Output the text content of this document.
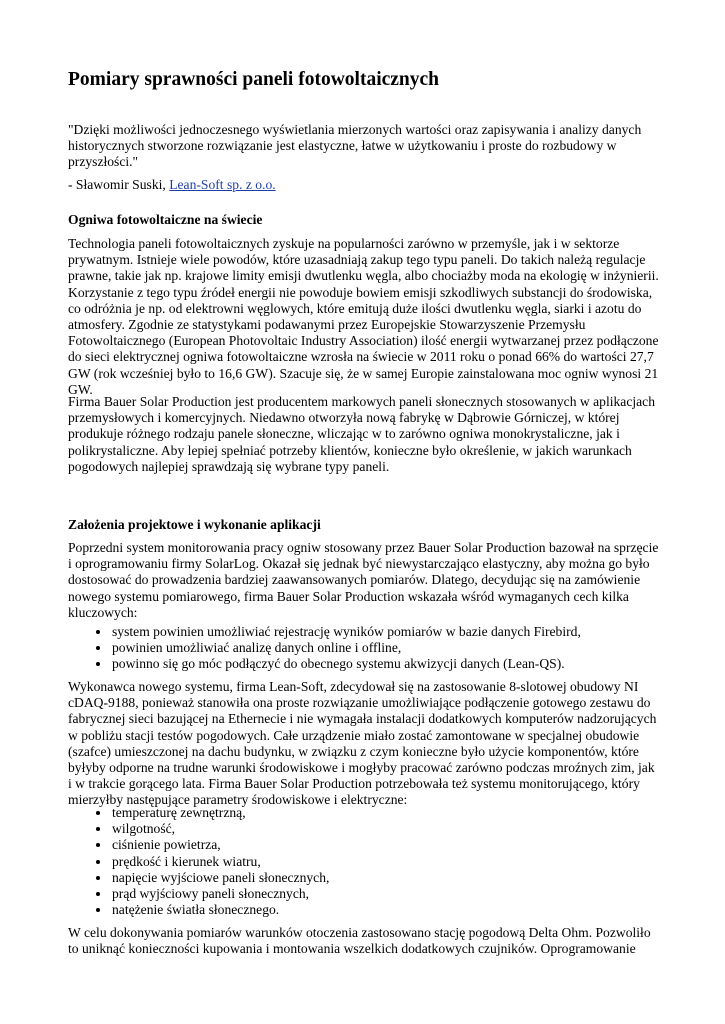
Pomiary sprawności paneli fotowoltaicznych

"Dzięki możliwości jednoczesnego wyświetlania mierzonych wartości oraz zapisywania i analizy danych historycznych stworzone rozwiązanie jest elastyczne, łatwe w użytkowaniu i proste do rozbudowy w przyszłości."

- Sławomir Suski, Lean-Soft sp. z o.o.

Ogniwa fotowoltaiczne na świecie

Technologia paneli fotowoltaicznych zyskuje na popularności zarówno w przemyśle, jak i w sektorze prywatnym. Istnieje wiele powodów, które uzasadniają zakup tego typu paneli. Do takich należą regulacje prawne, takie jak np. krajowe limity emisji dwutlenku węgla, albo chociażby moda na ekologię w inżynierii. Korzystanie z tego typu źródeł energii nie powoduje bowiem emisji szkodliwych substancji do środowiska, co odróżnia je np. od elektrowni węglowych, które emitują duże ilości dwutlenku węgla, siarki i azotu do atmosfery. Zgodnie ze statystykami podawanymi przez Europejskie Stowarzyszenie Przemysłu Fotowoltaicznego (European Photovoltaic Industry Association) ilość energii wytwarzanej przez podłączone do sieci elektrycznej ogniwa fotowoltaiczne wzrosła na świecie w 2011 roku o ponad 66% do wartości 27,7 GW (rok wcześniej było to 16,6 GW). Szacuje się, że w samej Europie zainstalowana moc ogniw wynosi 21 GW.

Firma Bauer Solar Production jest producentem markowych paneli słonecznych stosowanych w aplikacjach przemysłowych i komercyjnych. Niedawno otworzyła nową fabrykę w Dąbrowie Górniczej, w której produkuje różnego rodzaju panele słoneczne, wliczając w to zarówno ogniwa monokrystaliczne, jak i polikrystaliczne. Aby lepiej spełniać potrzeby klientów, konieczne było określenie, w jakich warunkach pogodowych najlepiej sprawdzają się wybrane typy paneli.

Założenia projektowe i wykonanie aplikacji

Poprzedni system monitorowania pracy ogniw stosowany przez Bauer Solar Production bazował na sprzęcie i oprogramowaniu firmy SolarLog. Okazał się jednak być niewystarczająco elastyczny, aby można go było dostosować do prowadzenia bardziej zaawansowanych pomiarów. Dlatego, decydując się na zamówienie nowego systemu pomiarowego, firma Bauer Solar Production wskazała wśród wymaganych cech kilka kluczowych:

• system powinien umożliwiać rejestrację wyników pomiarów w bazie danych Firebird,
• powinien umożliwiać analizę danych online i offline,
• powinno się go móc podłączyć do obecnego systemu akwizycji danych (Lean-QS).

Wykonawca nowego systemu, firma Lean-Soft, zdecydował się na zastosowanie 8-slotowej obudowy NI cDAQ-9188, ponieważ stanowiła ona proste rozwiązanie umożliwiające podłączenie gotowego zestawu do fabrycznej sieci bazującej na Ethernecie i nie wymagała instalacji dodatkowych komputerów nadzorujących w pobliżu stacji testów pogodowych. Całe urządzenie miało zostać zamontowane w specjalnej obudowie (szafce) umieszczonej na dachu budynku, w związku z czym konieczne było użycie komponentów, które byłyby odporne na trudne warunki środowiskowe i mogłyby pracować zarówno podczas mroźnych zim, jak i w trakcie gorącego lata. Firma Bauer Solar Production potrzebowała też systemu monitorującego, który mierzyłby następujące parametry środowiskowe i elektryczne:

• temperaturę zewnętrzną,
• wilgotność,
• ciśnienie powietrza,
• prędkość i kierunek wiatru,
• napięcie wyjściowe paneli słonecznych,
• prąd wyjściowy paneli słonecznych,
• natężenie światła słonecznego.

W celu dokonywania pomiarów warunków otoczenia zastosowano stację pogodową Delta Ohm. Pozwoliło to uniknąć konieczności kupowania i montowania wszelkich dodatkowych czujników. Oprogramowanie
